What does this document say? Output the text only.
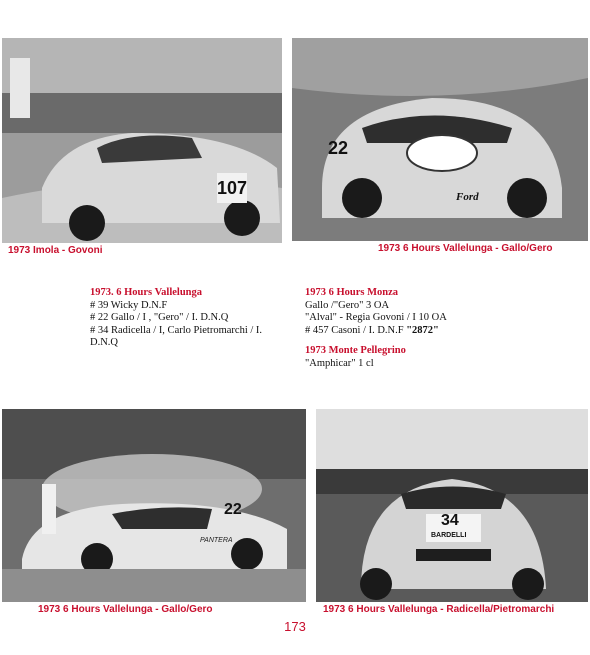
107
22
Ford
1973 Imola - Govoni	1973 6 Hours Vallelunga - Gallo/Gero
1973. 6 Hours Vallelunga
# 39 Wicky D.N.F
# 22 Gallo / I , "Gero" / I. D.N.Q
# 34 Radicella / I, Carlo Pietromarchi / I.
D.N.Q
1973 6 Hours Monza
Gallo /"Gero" 3 OA
"Alval" - Regia Govoni / I 10 OA
# 457 Casoni / I. D.N.F "2872"
1973 Monte Pellegrino
"Amphicar" 1 cl
22
PANTERA
34
BARDELLI
1973 6 Hours Vallelunga - Gallo/Gero	1973 6 Hours Vallelunga - Radicella/Pietromarchi
173
